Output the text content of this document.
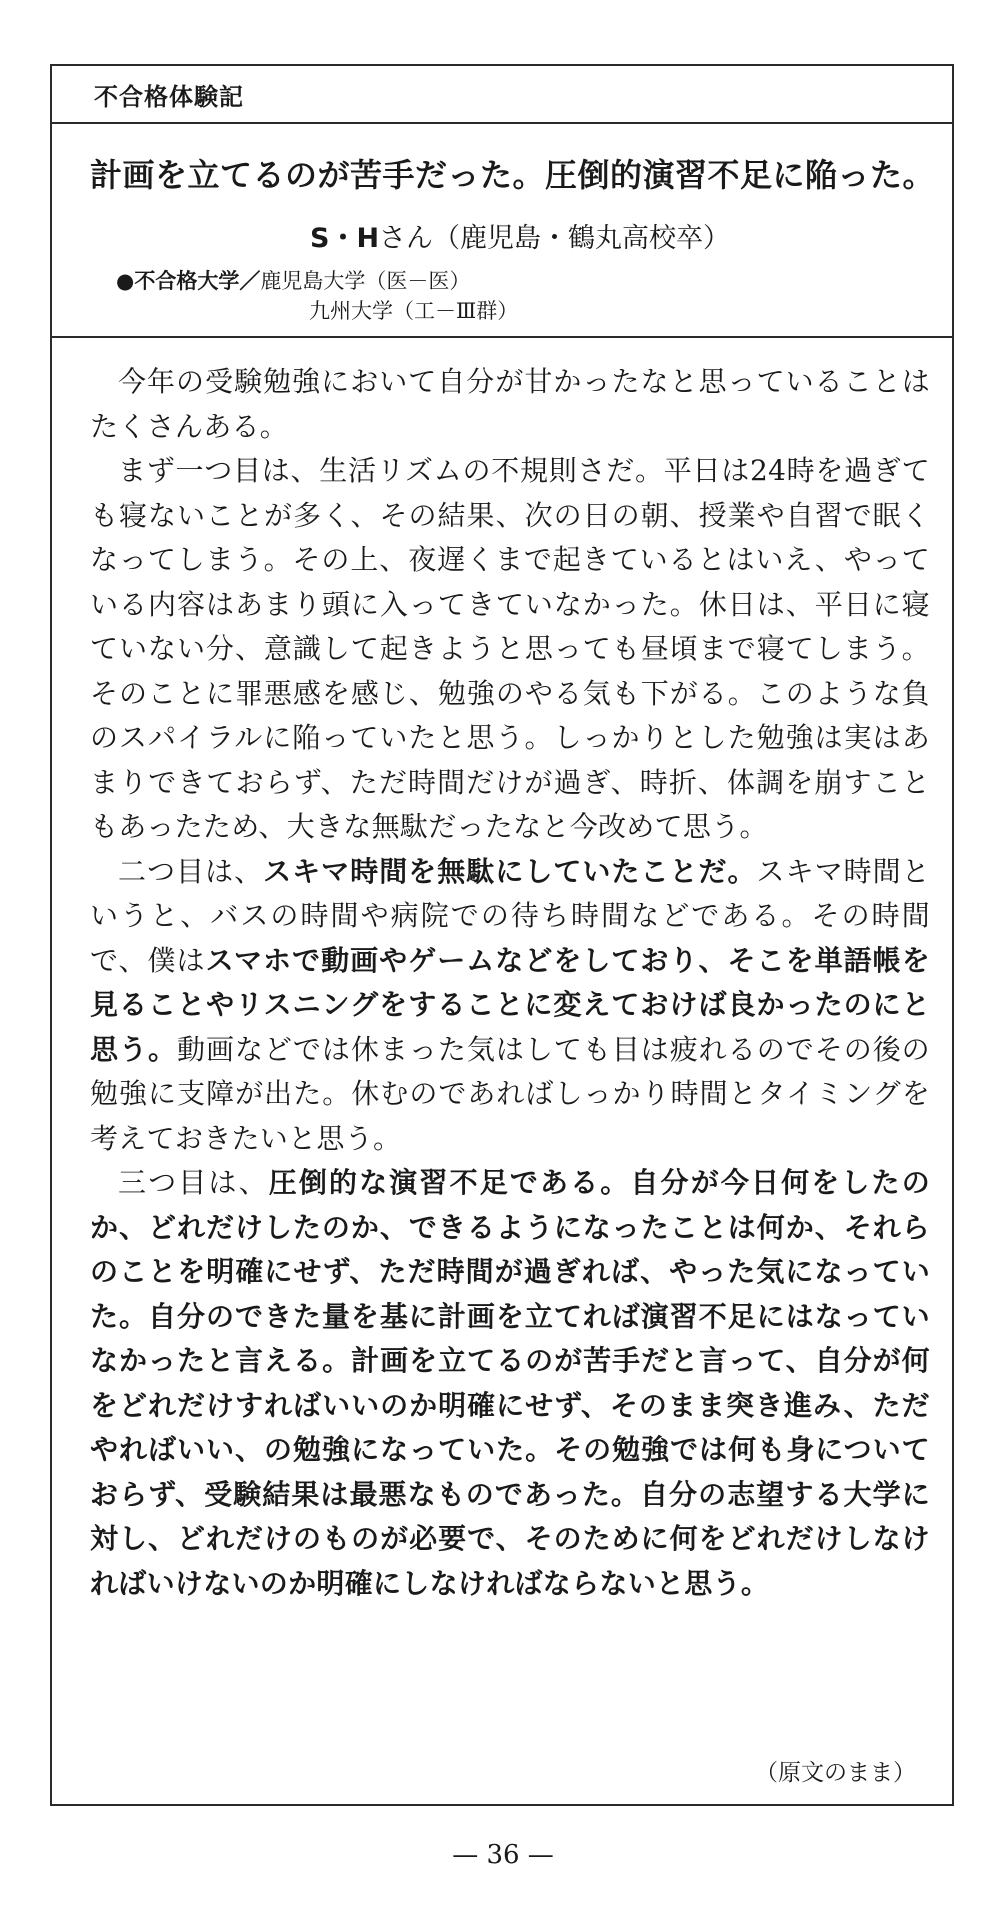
不合格体験記
計画を立てるのが苦手だった。圧倒的演習不足に陥った。
S・Hさん（鹿児島・鶴丸高校卒）
●不合格大学／鹿児島大学（医－医）
九州大学（工－Ⅲ群）

今年の受験勉強において自分が甘かったなと思っていることはたくさんある。

まず一つ目は、生活リズムの不規則さだ。平日は24時を過ぎても寝ないことが多く、その結果、次の日の朝、授業や自習で眠くなってしまう。その上、夜遅くまで起きているとはいえ、やっている内容はあまり頭に入ってきていなかった。休日は、平日に寝ていない分、意識して起きようと思っても昼頃まで寝てしまう。そのことに罪悪感を感じ、勉強のやる気も下がる。このような負のスパイラルに陥っていたと思う。しっかりとした勉強は実はあまりできておらず、ただ時間だけが過ぎ、時折、体調を崩すこともあったため、大きな無駄だったなと今改めて思う。

二つ目は、スキマ時間を無駄にしていたことだ。スキマ時間というと、バスの時間や病院での待ち時間などである。その時間で、僕はスマホで動画やゲームなどをしており、そこを単語帳を見ることやリスニングをすることに変えておけば良かったのにと思う。動画などでは休まった気はしても目は疲れるのでその後の勉強に支障が出た。休むのであればしっかり時間とタイミングを考えておきたいと思う。

三つ目は、圧倒的な演習不足である。自分が今日何をしたのか、どれだけしたのか、できるようになったことは何か、それらのことを明確にせず、ただ時間が過ぎれば、やった気になっていた。自分のできた量を基に計画を立てれば演習不足にはなっていなかったと言える。計画を立てるのが苦手だと言って、自分が何をどれだけすればいいのか明確にせず、そのまま突き進み、ただやればいい、の勉強になっていた。その勉強では何も身についておらず、受験結果は最悪なものであった。自分の志望する大学に対し、どれだけのものが必要で、そのために何をどれだけしなければいけないのか明確にしなければならないと思う。

（原文のまま）
— 36 —
